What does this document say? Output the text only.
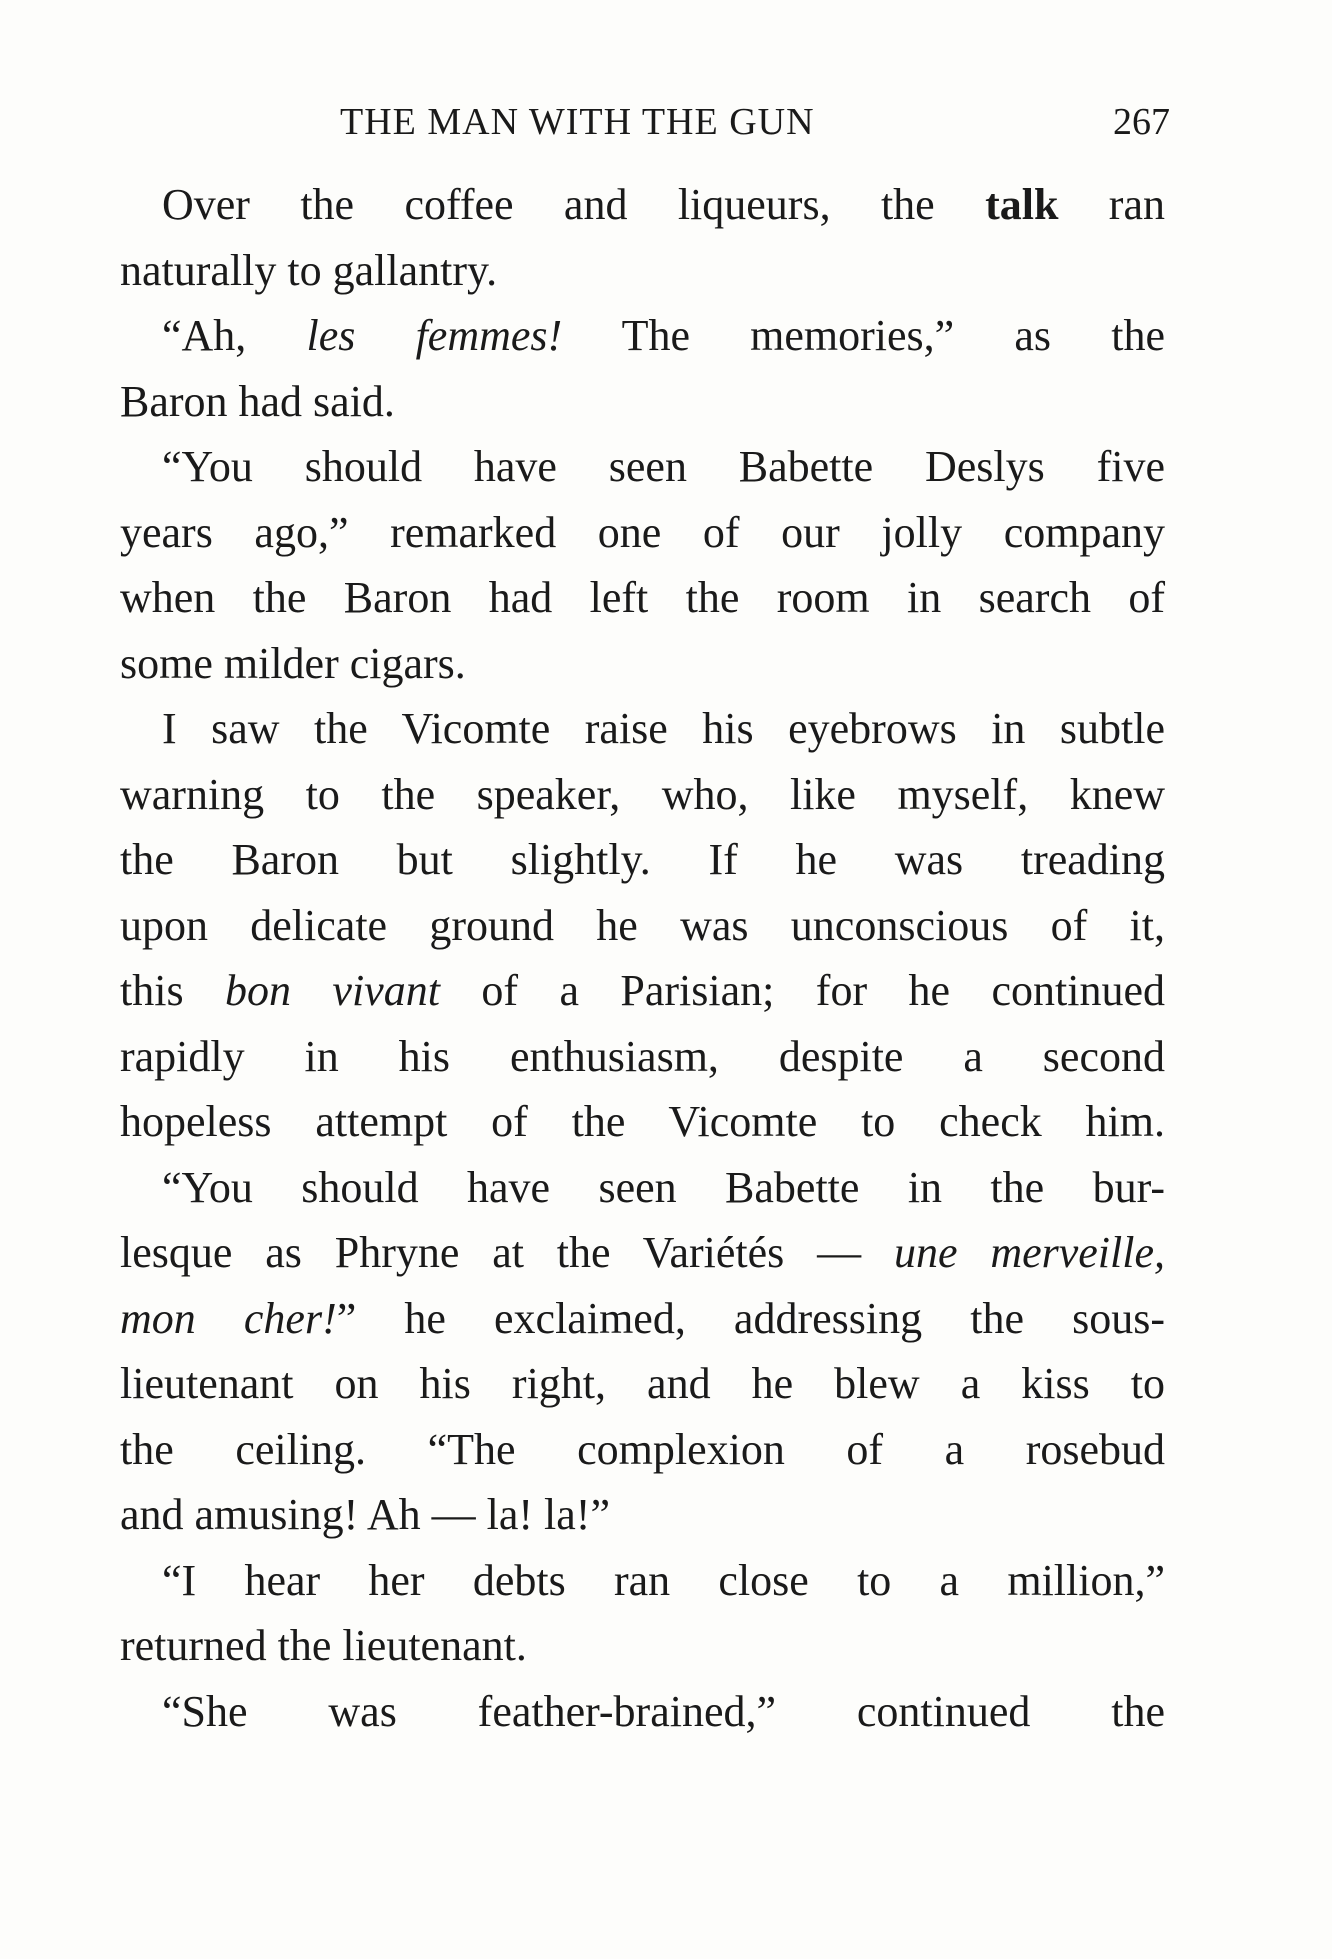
THE MAN WITH THE GUN	267
Over the coffee and liqueurs, the talk ran
naturally to gallantry.
“Ah, les femmes! The memories,” as the
Baron had said.
“You should have seen Babette Deslys five
years ago,” remarked one of our jolly company
when the Baron had left the room in search of
some milder cigars.
I saw the Vicomte raise his eyebrows in subtle
warning to the speaker, who, like myself, knew
the Baron but slightly. If he was treading
upon delicate ground he was unconscious of it,
this bon vivant of a Parisian; for he continued
rapidly in his enthusiasm, despite a second
hopeless attempt of the Vicomte to check him.
“You should have seen Babette in the bur-
lesque as Phryne at the Variétés — une merveille,
mon cher!” he exclaimed, addressing the sous-
lieutenant on his right, and he blew a kiss to
the ceiling. “The complexion of a rosebud
and amusing! Ah — la! la!”
“I hear her debts ran close to a million,”
returned the lieutenant.
“She was feather-brained,” continued the
